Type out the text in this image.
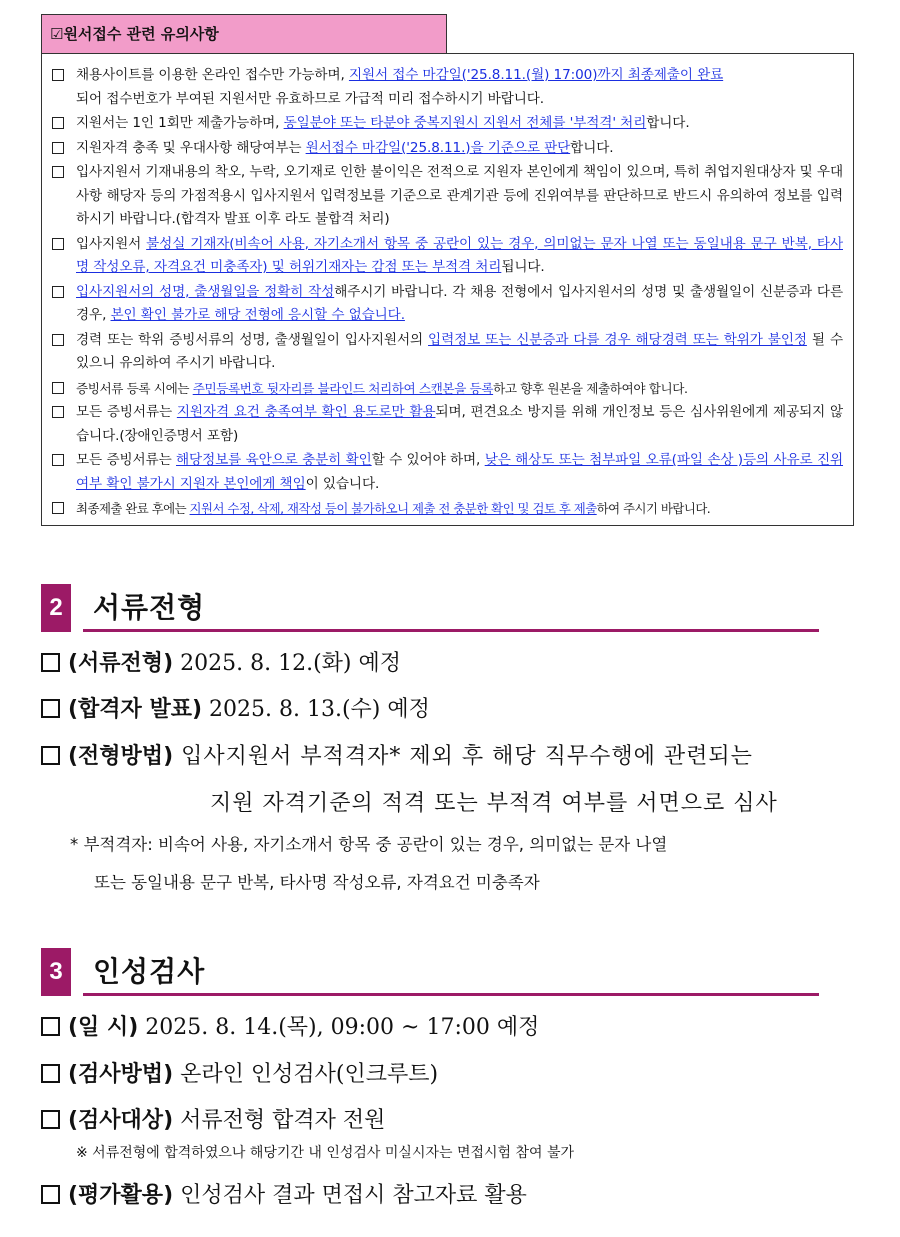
☑원서접수 관련 유의사항
채용사이트를 이용한 온라인 접수만 가능하며, 지원서 접수 마감일('25.8.11.(월) 17:00)까지 최종제출이 완료
되어 접수번호가 부여된 지원서만 유효하므로 가급적 미리 접수하시기 바랍니다.
지원서는 1인 1회만 제출가능하며, 동일분야 또는 타분야 중복지원시 지원서 전체를 '부적격' 처리합니다.
지원자격 충족 및 우대사항 해당여부는 원서접수 마감일('25.8.11.)을 기준으로 판단합니다.
입사지원서 기재내용의 착오, 누락, 오기재로 인한 불이익은 전적으로 지원자 본인에게 책임이 있으며, 특히 취업지원대상자 및 우대사항 해당자 등의 가점적용시 입사지원서 입력정보를 기준으로 관계기관 등에 진위여부를 판단하므로 반드시 유의하여 정보를 입력하시기 바랍니다.(합격자 발표 이후 라도 불합격 처리)
입사지원서 불성실 기재자(비속어 사용, 자기소개서 항목 중 공란이 있는 경우, 의미없는 문자 나열 또는 동일내용 문구 반복, 타사명 작성오류, 자격요건 미충족자) 및 허위기재자는 감점 또는 부적격 처리됩니다.
입사지원서의 성명, 출생월일을 정확히 작성해주시기 바랍니다. 각 채용 전형에서 입사지원서의 성명 및 출생월일이 신분증과 다른 경우, 본인 확인 불가로 해당 전형에 응시할 수 없습니다.
경력 또는 학위 증빙서류의 성명, 출생월일이 입사지원서의 입력정보 또는 신분증과 다를 경우 해당경력 또는 학위가 불인정 될 수 있으니 유의하여 주시기 바랍니다.
증빙서류 등록 시에는 주민등록번호 뒷자리를 블라인드 처리하여 스캔본을 등록하고 향후 원본을 제출하여야 합니다.
모든 증빙서류는 지원자격 요건 충족여부 확인 용도로만 활용되며, 편견요소 방지를 위해 개인정보 등은 심사위원에게 제공되지 않습니다.(장애인증명서 포함)
모든 증빙서류는 해당정보를 육안으로 충분히 확인할 수 있어야 하며, 낮은 해상도 또는 첨부파일 오류(파일 손상 )등의 사유로 진위여부 확인 불가시 지원자 본인에게 책임이 있습니다.
최종제출 완료 후에는 지원서 수정, 삭제, 재작성 등이 불가하오니 제출 전 충분한 확인 및 검토 후 제출하여 주시기 바랍니다.
2 서류전형
(서류전형) 2025. 8. 12.(화) 예정
(합격자 발표) 2025. 8. 13.(수) 예정
(전형방법) 입사지원서 부적격자* 제외 후 해당 직무수행에 관련되는
지원 자격기준의 적격 또는 부적격 여부를 서면으로 심사
* 부적격자: 비속어 사용, 자기소개서 항목 중 공란이 있는 경우, 의미없는 문자 나열
또는 동일내용 문구 반복, 타사명 작성오류, 자격요건 미충족자
3 인성검사
(일 시) 2025. 8. 14.(목), 09:00 ~ 17:00 예정
(검사방법) 온라인 인성검사(인크루트)
(검사대상) 서류전형 합격자 전원
※ 서류전형에 합격하였으나 해당기간 내 인성검사 미실시자는 면접시험 참여 불가
(평가활용) 인성검사 결과 면접시 참고자료 활용
